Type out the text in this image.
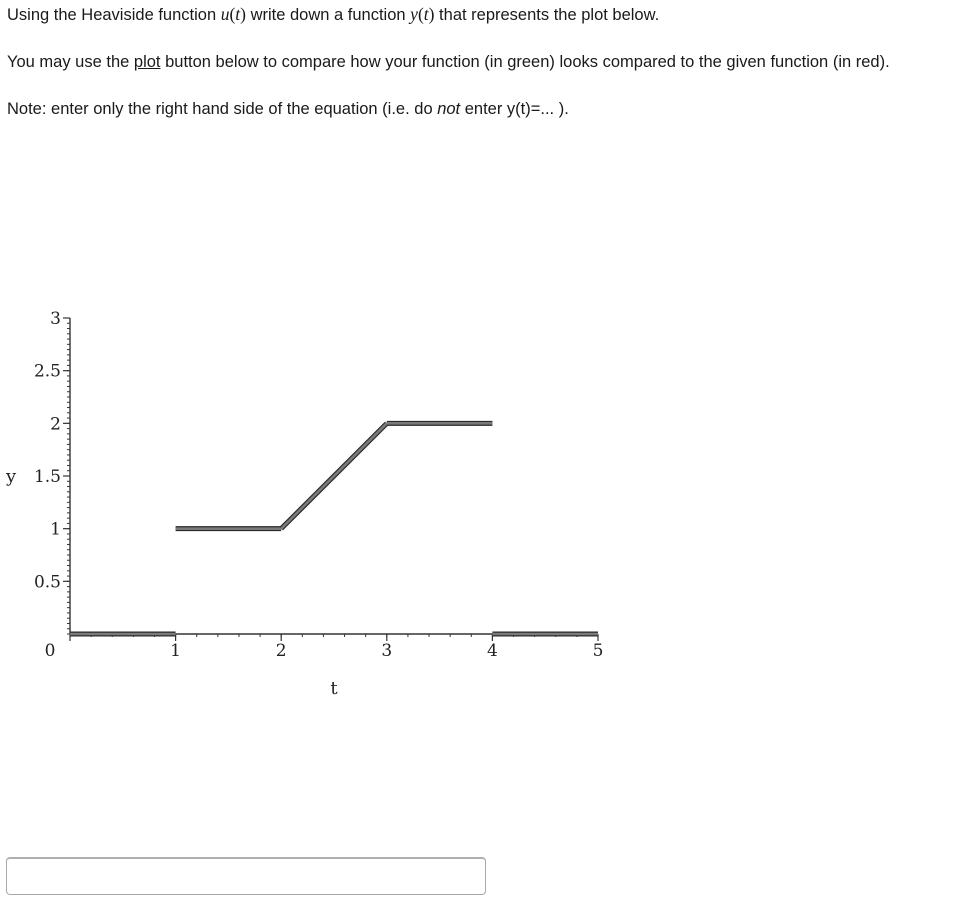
Using the Heaviside function u(t) write down a function y(t) that represents the plot below.

You may use the plot button below to compare how your function (in green) looks compared to the given function (in red).

Note: enter only the right hand side of the equation (i.e. do not enter y(t)=... ).

0.5
1
1.5
2
2.5
3
0	1	2	3	4	5
t
y
